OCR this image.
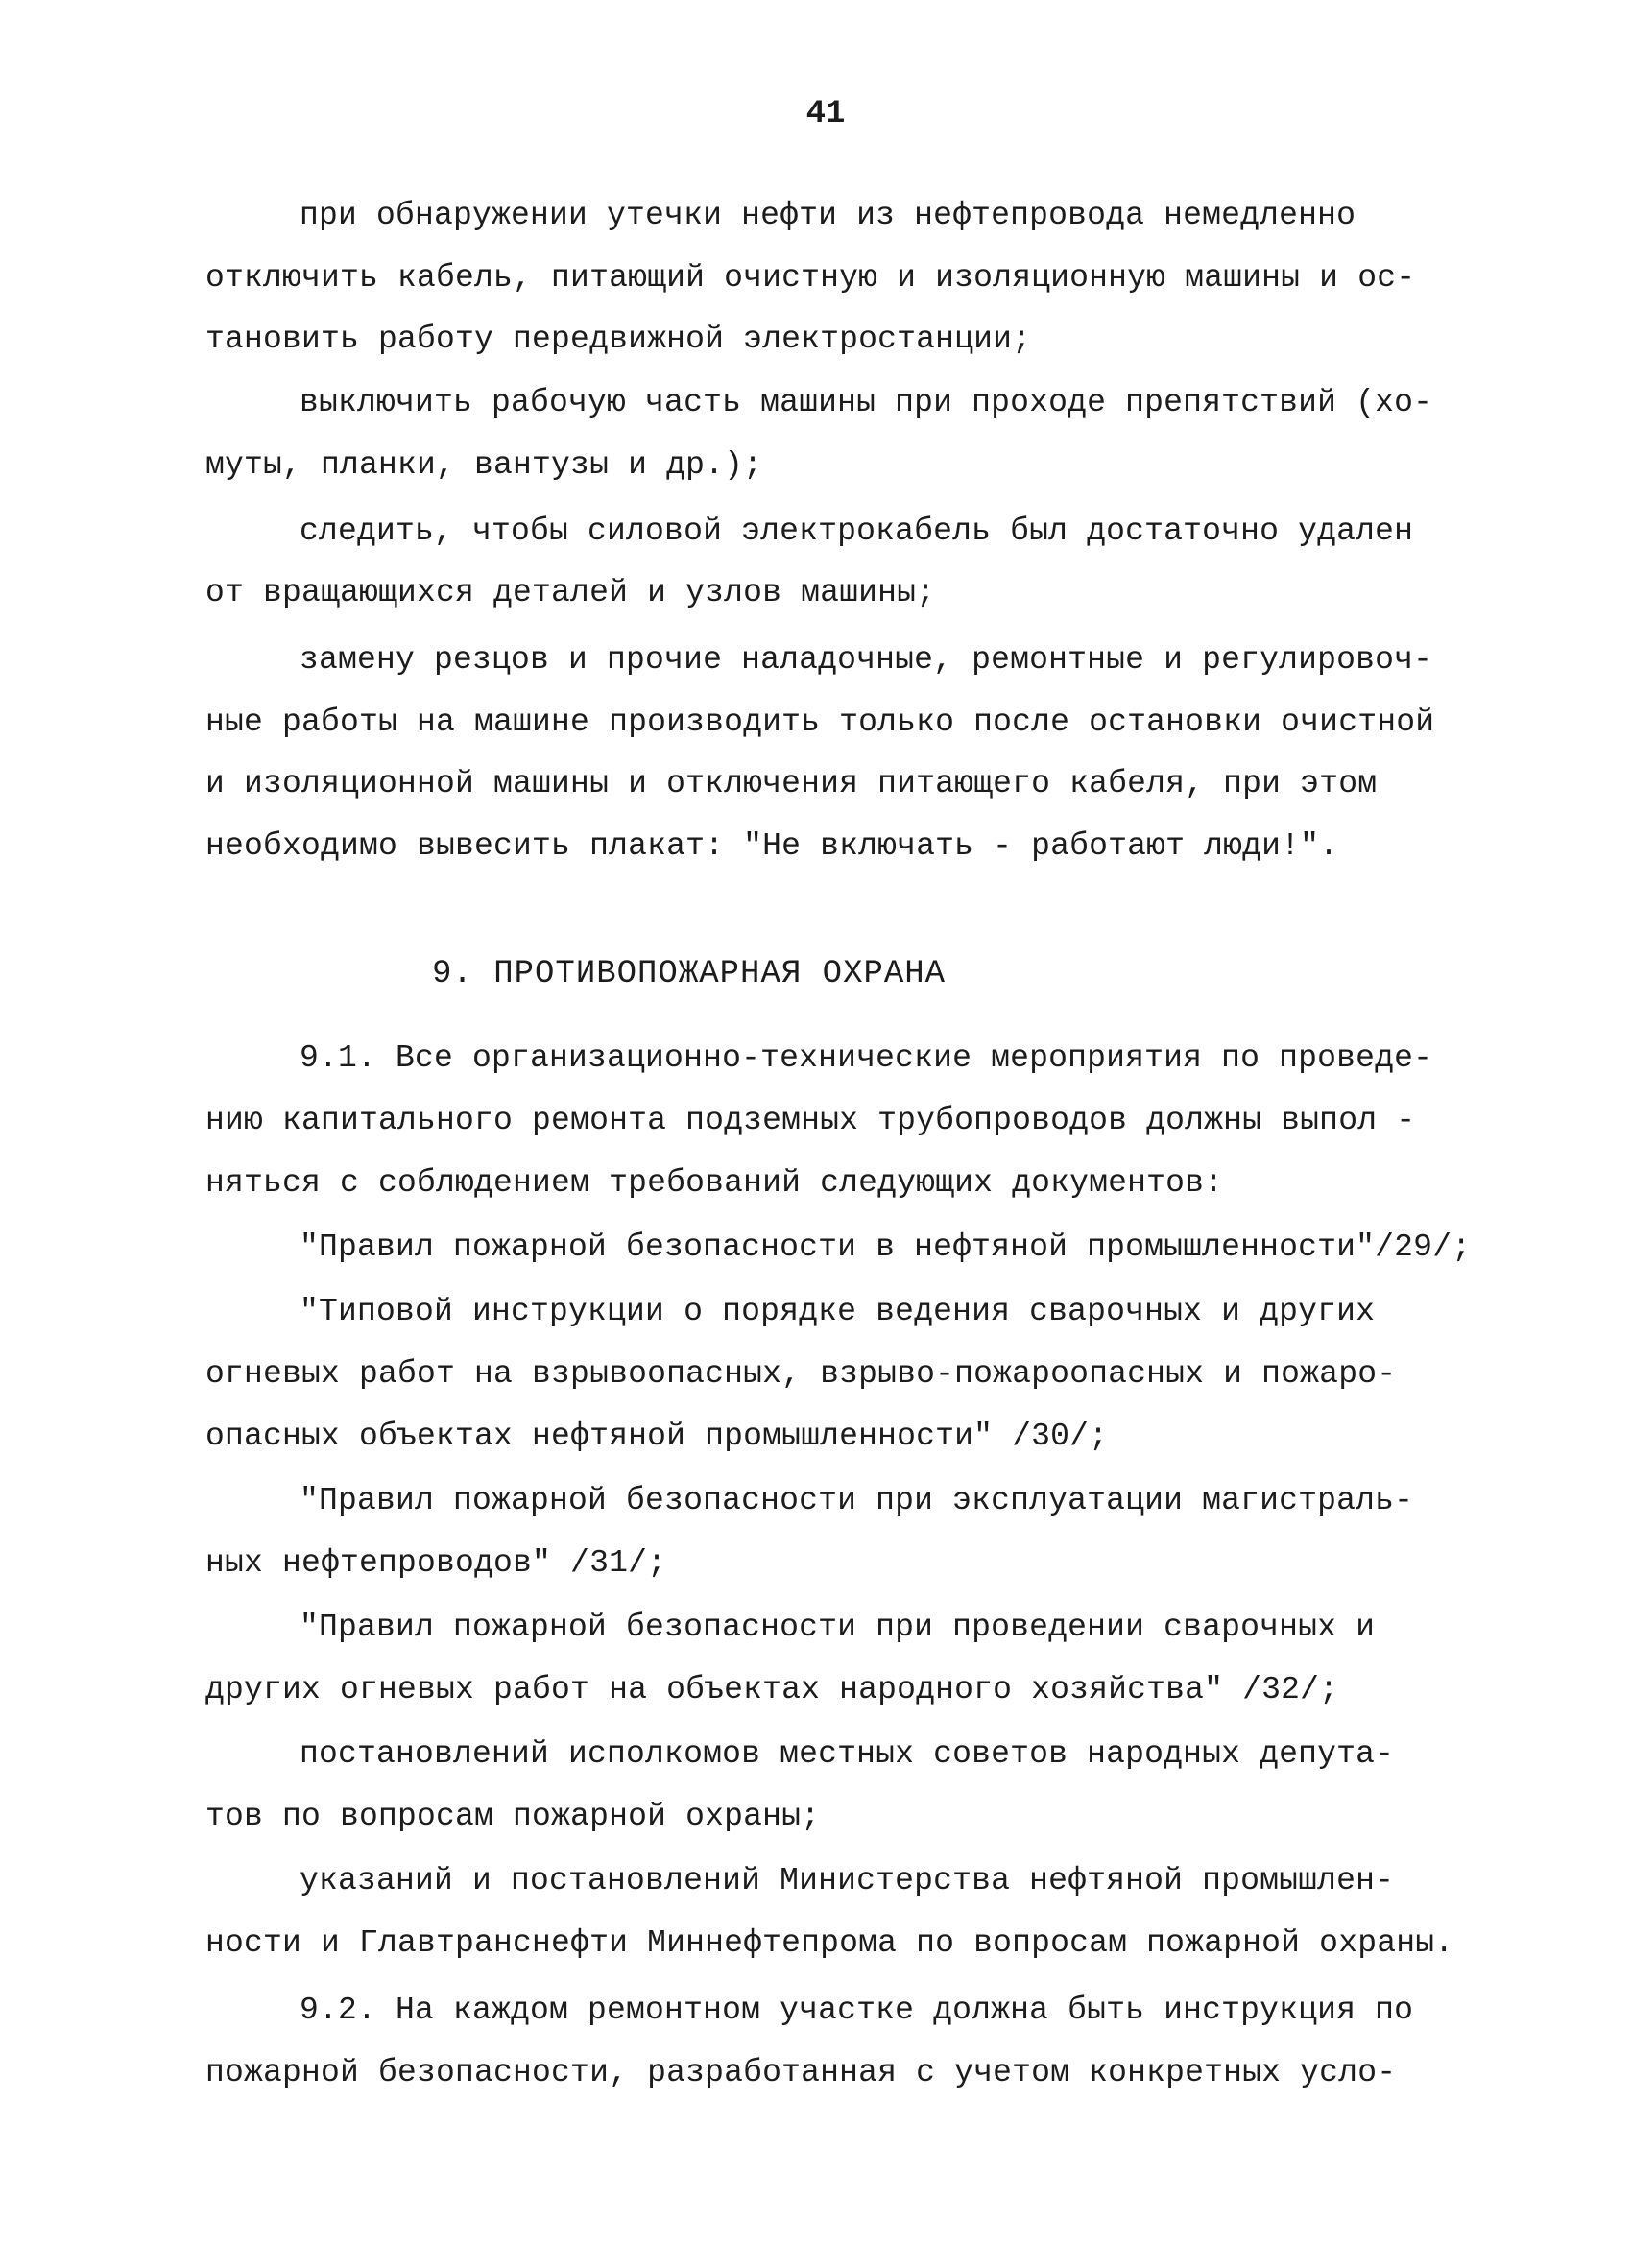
41
при обнаружении утечки нефти из нефтепровода немедленно
отключить кабель, питающий очистную и изоляционную машины и ос-
тановить работу передвижной электростанции;
выключить рабочую часть машины при проходе препятствий (хо-
муты, планки, вантузы и др.);
следить, чтобы силовой электрокабель был достаточно удален
от вращающихся деталей и узлов машины;
замену резцов и прочие наладочные, ремонтные и регулировоч-
ные работы на машине производить только после остановки очистной
и изоляционной машины и отключения питающего кабеля, при этом
необходимо вывесить плакат: "Не включать - работают люди!".
9. ПРОТИВОПОЖАРНАЯ ОХРАНА
9.1. Все организационно-технические мероприятия по проведе-
нию капитального ремонта подземных трубопроводов должны выпол -
няться с соблюдением требований следующих документов:
"Правил пожарной безопасности в нефтяной промышленности"/29/;
"Типовой инструкции о порядке ведения сварочных и других
огневых работ на взрывоопасных, взрыво-пожароопасных и пожаро-
опасных объектах нефтяной промышленности" /30/;
"Правил пожарной безопасности при эксплуатации магистраль-
ных нефтепроводов" /31/;
"Правил пожарной безопасности при проведении сварочных и
других огневых работ на объектах народного хозяйства" /32/;
постановлений исполкомов местных советов народных депута-
тов по вопросам пожарной охраны;
указаний и постановлений Министерства нефтяной промышлен-
ности и Главтранснефти Миннефтепрома по вопросам пожарной охраны.
9.2. На каждом ремонтном участке должна быть инструкция по
пожарной безопасности, разработанная с учетом конкретных усло-
